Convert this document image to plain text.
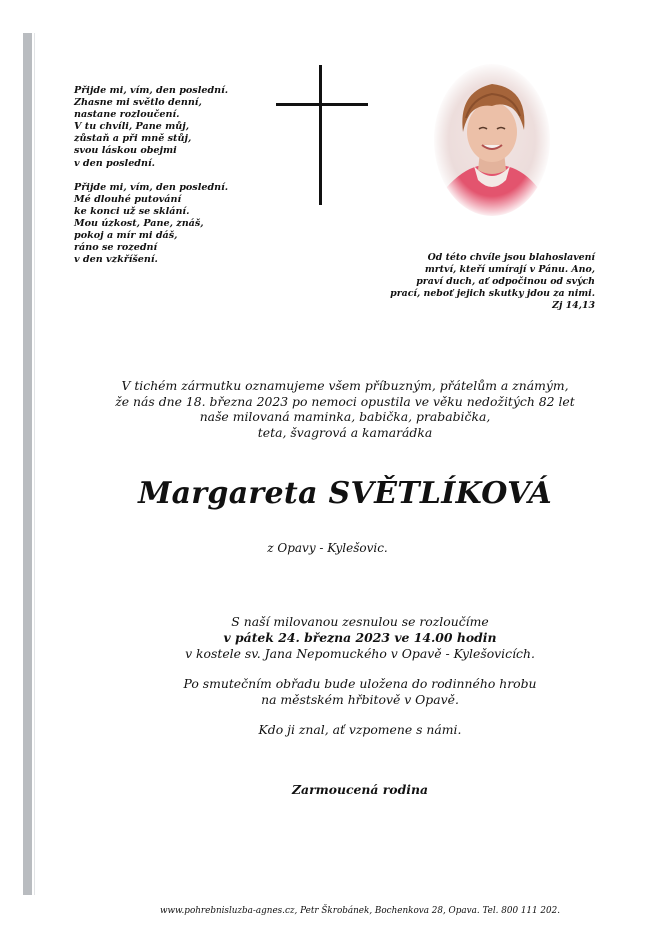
Přijde mi, vím, den poslední.
Zhasne mi světlo denní,
nastane rozloučení.
V tu chvíli, Pane můj,
zůstaň a při mně stůj,
svou láskou obejmi
v den poslední.

Přijde mi, vím, den poslední.
Mé dlouhé putování
ke konci už se sklání.
Mou úzkost, Pane, znáš,
pokoj a mír mi dáš,
ráno se rozední
v den vzkříšení.	Od této chvíle jsou blahoslavení
mrtví, kteří umírají v Pánu. Ano,
praví duch, ať odpočinou od svých
prací, neboť jejich skutky jdou za nimi.
Zj 14,13
V tichém zármutku oznamujeme všem příbuzným, přátelům a známým,
že nás dne 18. března 2023 po nemoci opustila ve věku nedožitých 82 let
naše milovaná maminka, babička, prababička,
teta, švagrová a kamarádka
Margareta SVĚTLÍKOVÁ
z Opavy - Kylešovic.
S naší milovanou zesnulou se rozloučíme
v pátek 24. března 2023 ve 14.00 hodin
v kostele sv. Jana Nepomuckého v Opavě - Kylešovicích.
Po smutečním obřadu bude uložena do rodinného hrobu
na městském hřbitově v Opavě.
Kdo ji znal, ať vzpomene s námi.
Zarmoucená rodina
www.pohrebnisluzba-agnes.cz, Petr Škrobánek, Bochenkova 28, Opava. Tel. 800 111 202.
